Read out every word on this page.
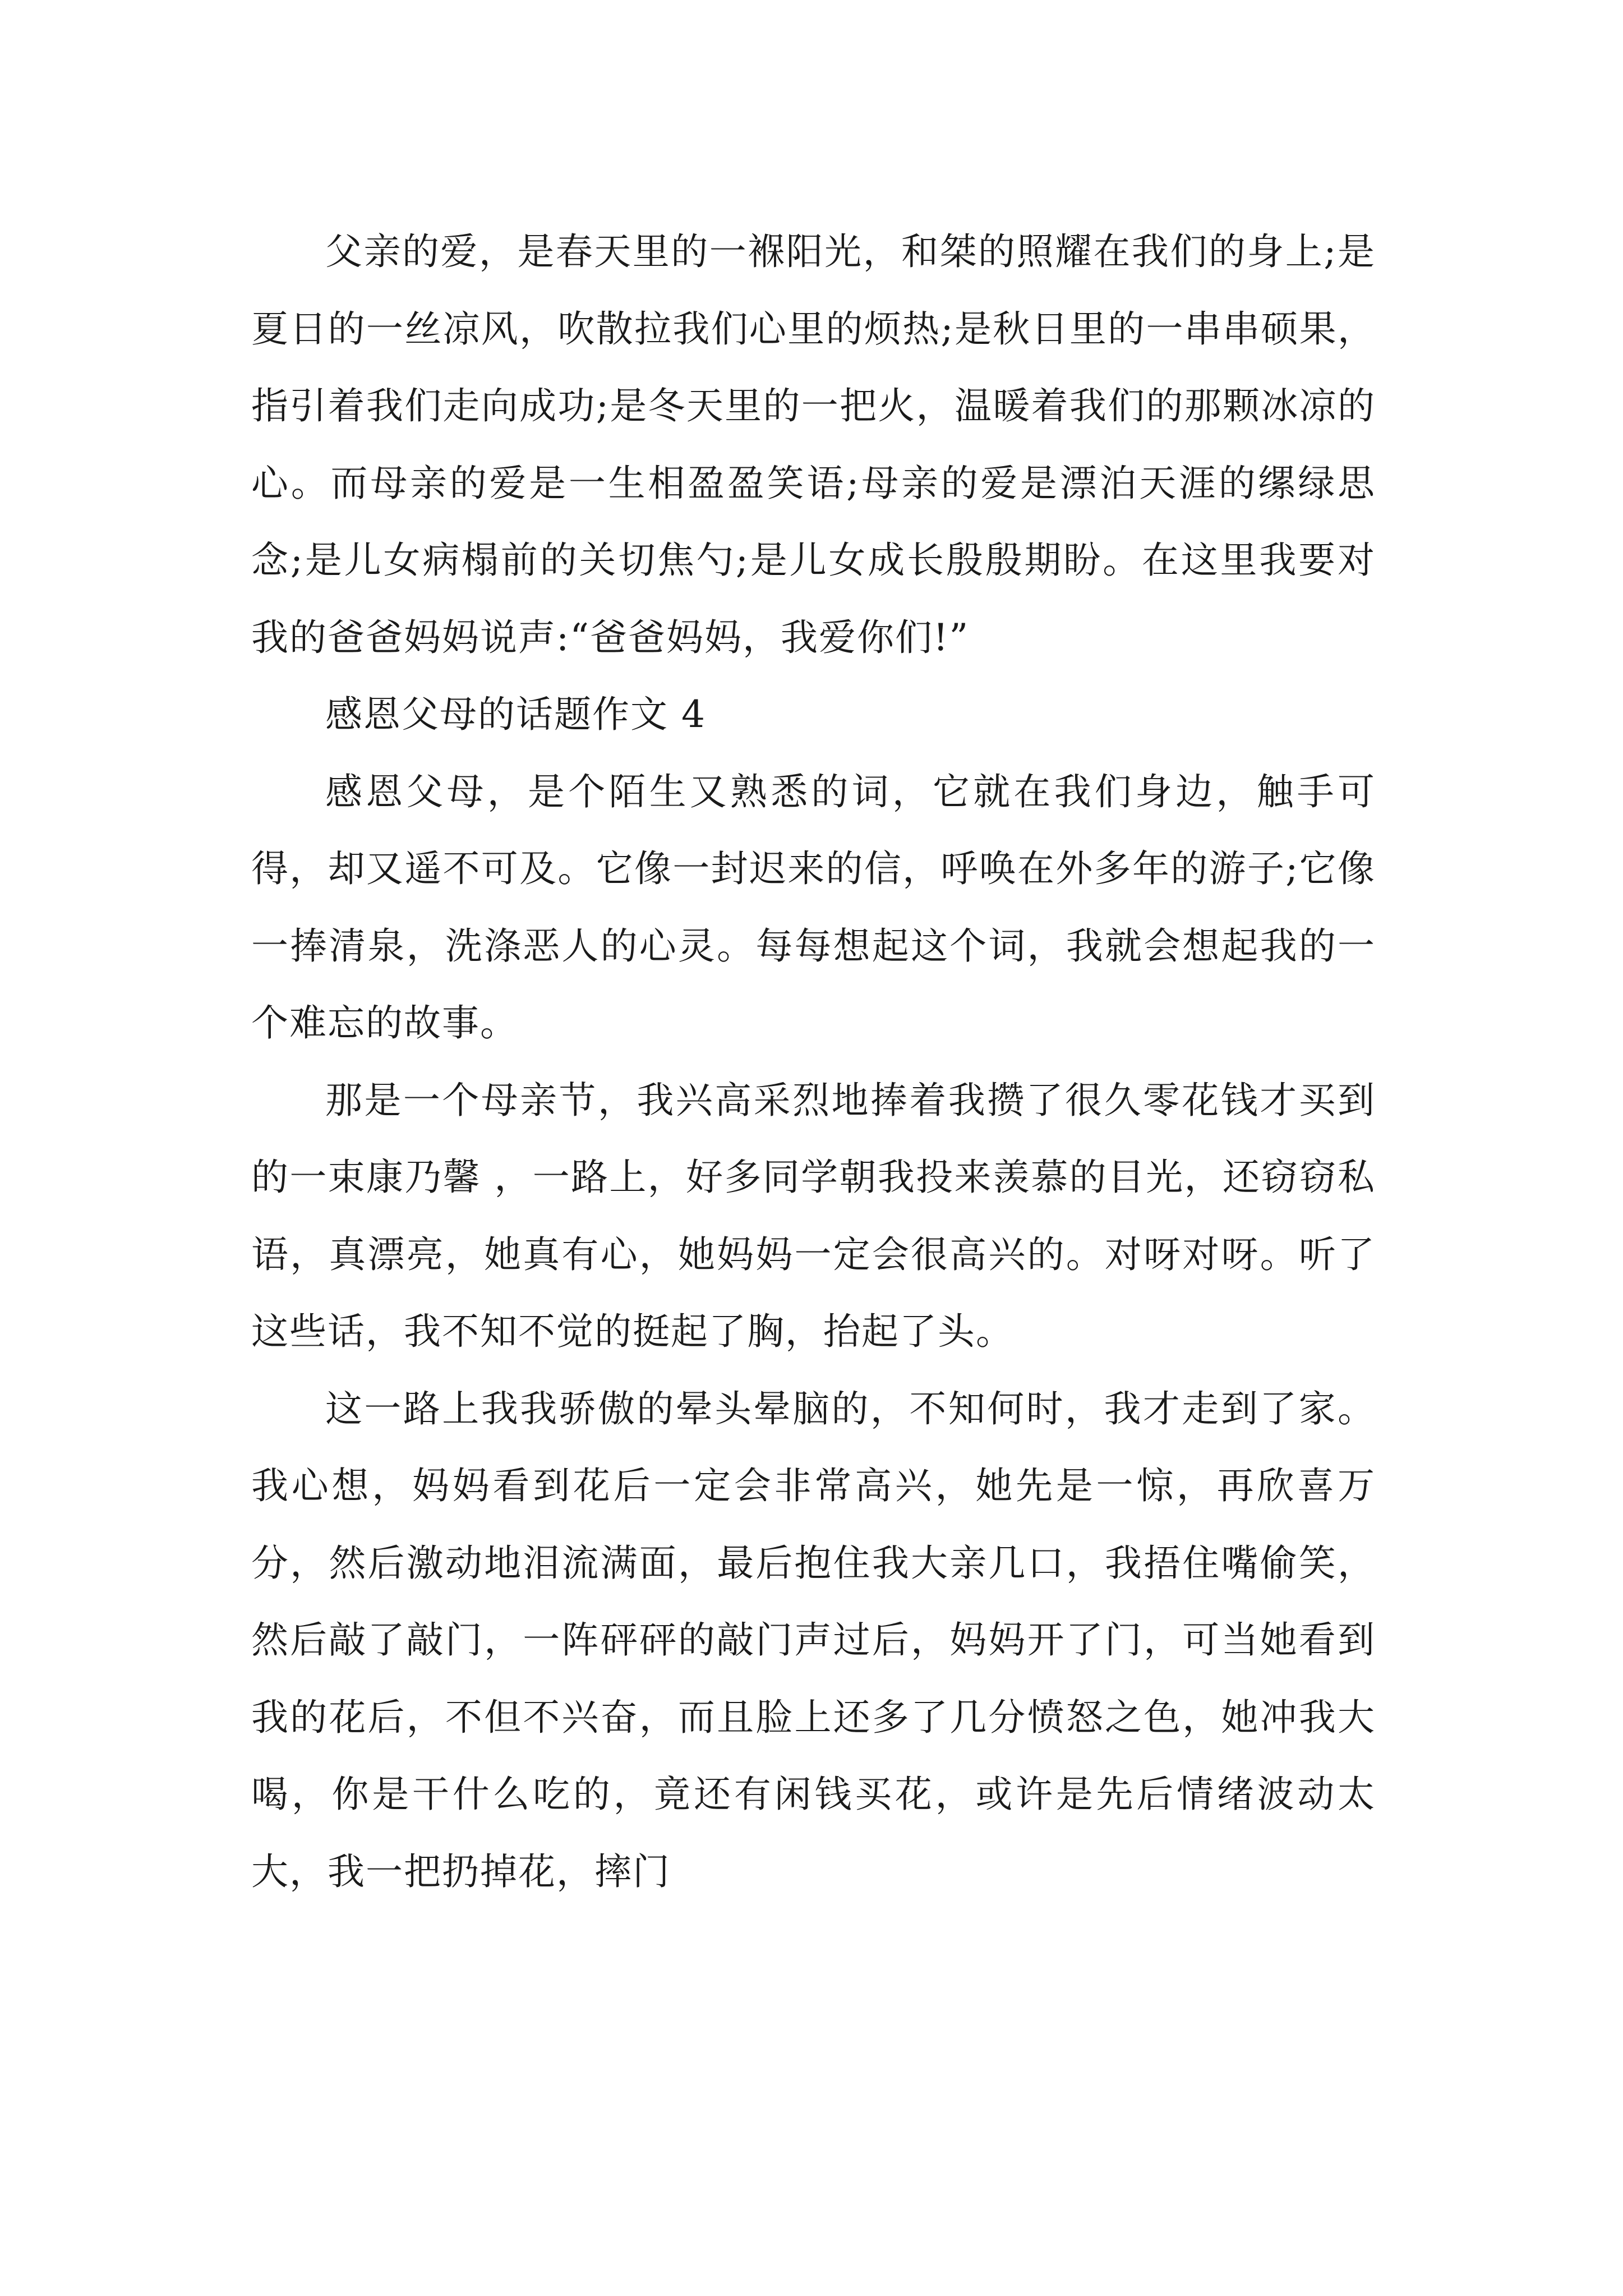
父亲的爱，是春天里的一褓阳光，和桀的照耀在我们的身上;是夏日的一丝凉风，吹散拉我们心里的烦热;是秋日里的一串串硕果，指引着我们走向成功;是冬天里的一把火，温暖着我们的那颗冰凉的心。而母亲的爱是一生相盈盈笑语;母亲的爱是漂泊天涯的缧绿思念;是儿女病榻前的关切焦勺;是儿女成长殷殷期盼。在这里我要对我的爸爸妈妈说声:“爸爸妈妈，我爱你们!”

感恩父母的话题作文 4

感恩父母，是个陌生又熟悉的词，它就在我们身边，触手可得，却又遥不可及。它像一封迟来的信，呼唤在外多年的游子;它像一捧清泉，洗涤恶人的心灵。每每想起这个词，我就会想起我的一个难忘的故事。

那是一个母亲节，我兴高采烈地捧着我攒了很久零花钱才买到的一束康乃馨 ，一路上，好多同学朝我投来羡慕的目光，还窃窃私语，真漂亮，她真有心，她妈妈一定会很高兴的。对呀对呀。听了这些话，我不知不觉的挺起了胸，抬起了头。

这一路上我我骄傲的晕头晕脑的，不知何时，我才走到了家。我心想，妈妈看到花后一定会非常高兴，她先是一惊，再欣喜万分，然后激动地泪流满面，最后抱住我大亲几口，我捂住嘴偷笑，然后敲了敲门，一阵砰砰的敲门声过后，妈妈开了门，可当她看到我的花后，不但不兴奋，而且脸上还多了几分愤怒之色，她冲我大喝，你是干什么吃的，竟还有闲钱买花，或许是先后情绪波动太大，我一把扔掉花，摔门
